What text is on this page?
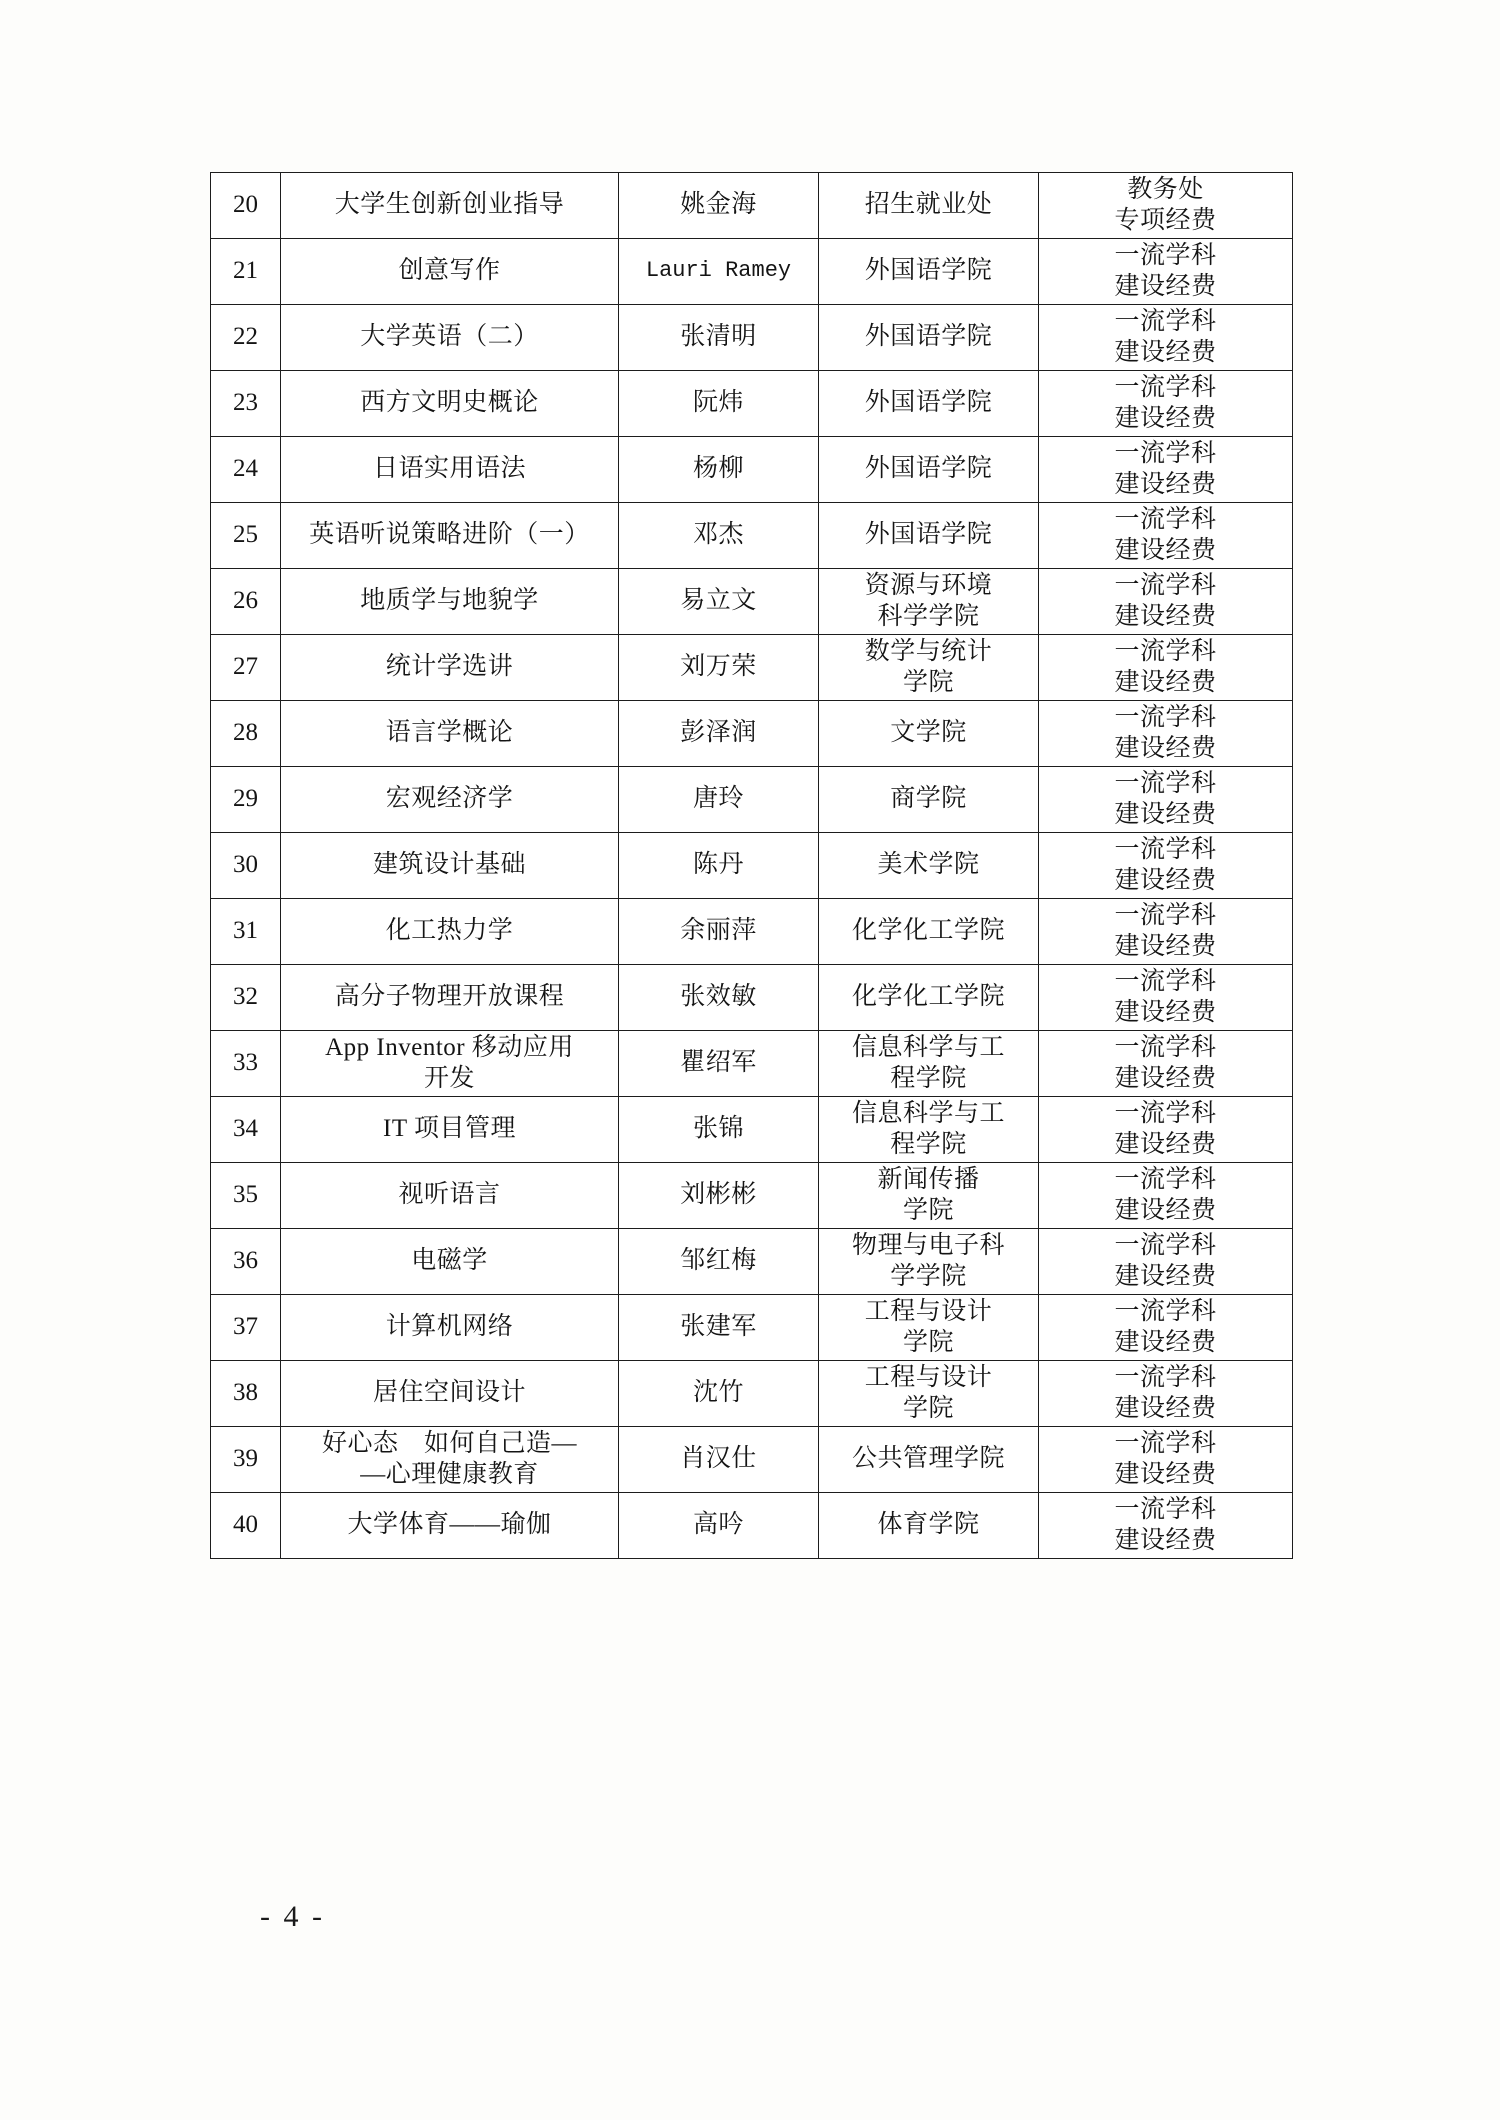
20	大学生创新创业指导	姚金海	招生就业处	教务处
专项经费

21	创意写作	Lauri Ramey	外国语学院	一流学科
建设经费

22	大学英语（二）	张清明	外国语学院	一流学科
建设经费

23	西方文明史概论	阮炜	外国语学院	一流学科
建设经费

24	日语实用语法	杨柳	外国语学院	一流学科
建设经费

25	英语听说策略进阶（一）	邓杰	外国语学院	一流学科
建设经费

26	地质学与地貌学	易立文	资源与环境
科学学院	一流学科
建设经费

27	统计学选讲	刘万荣	数学与统计
学院	一流学科
建设经费

28	语言学概论	彭泽润	文学院	一流学科
建设经费

29	宏观经济学	唐玲	商学院	一流学科
建设经费

30	建筑设计基础	陈丹	美术学院	一流学科
建设经费

31	化工热力学	余丽萍	化学化工学院	一流学科
建设经费

32	高分子物理开放课程	张效敏	化学化工学院	一流学科
建设经费

33	App Inventor 移动应用
开发	瞿绍军	信息科学与工
程学院	一流学科
建设经费

34	IT 项目管理	张锦	信息科学与工
程学院	一流学科
建设经费

35	视听语言	刘彬彬	新闻传播
学院	一流学科
建设经费

36	电磁学	邹红梅	物理与电子科
学学院	一流学科
建设经费

37	计算机网络	张建军	工程与设计
学院	一流学科
建设经费

38	居住空间设计	沈竹	工程与设计
学院	一流学科
建设经费

39	好心态　如何自己造—
—心理健康教育	肖汉仕	公共管理学院	一流学科
建设经费

40	大学体育——瑜伽	高吟	体育学院	一流学科
建设经费
- 4 -
